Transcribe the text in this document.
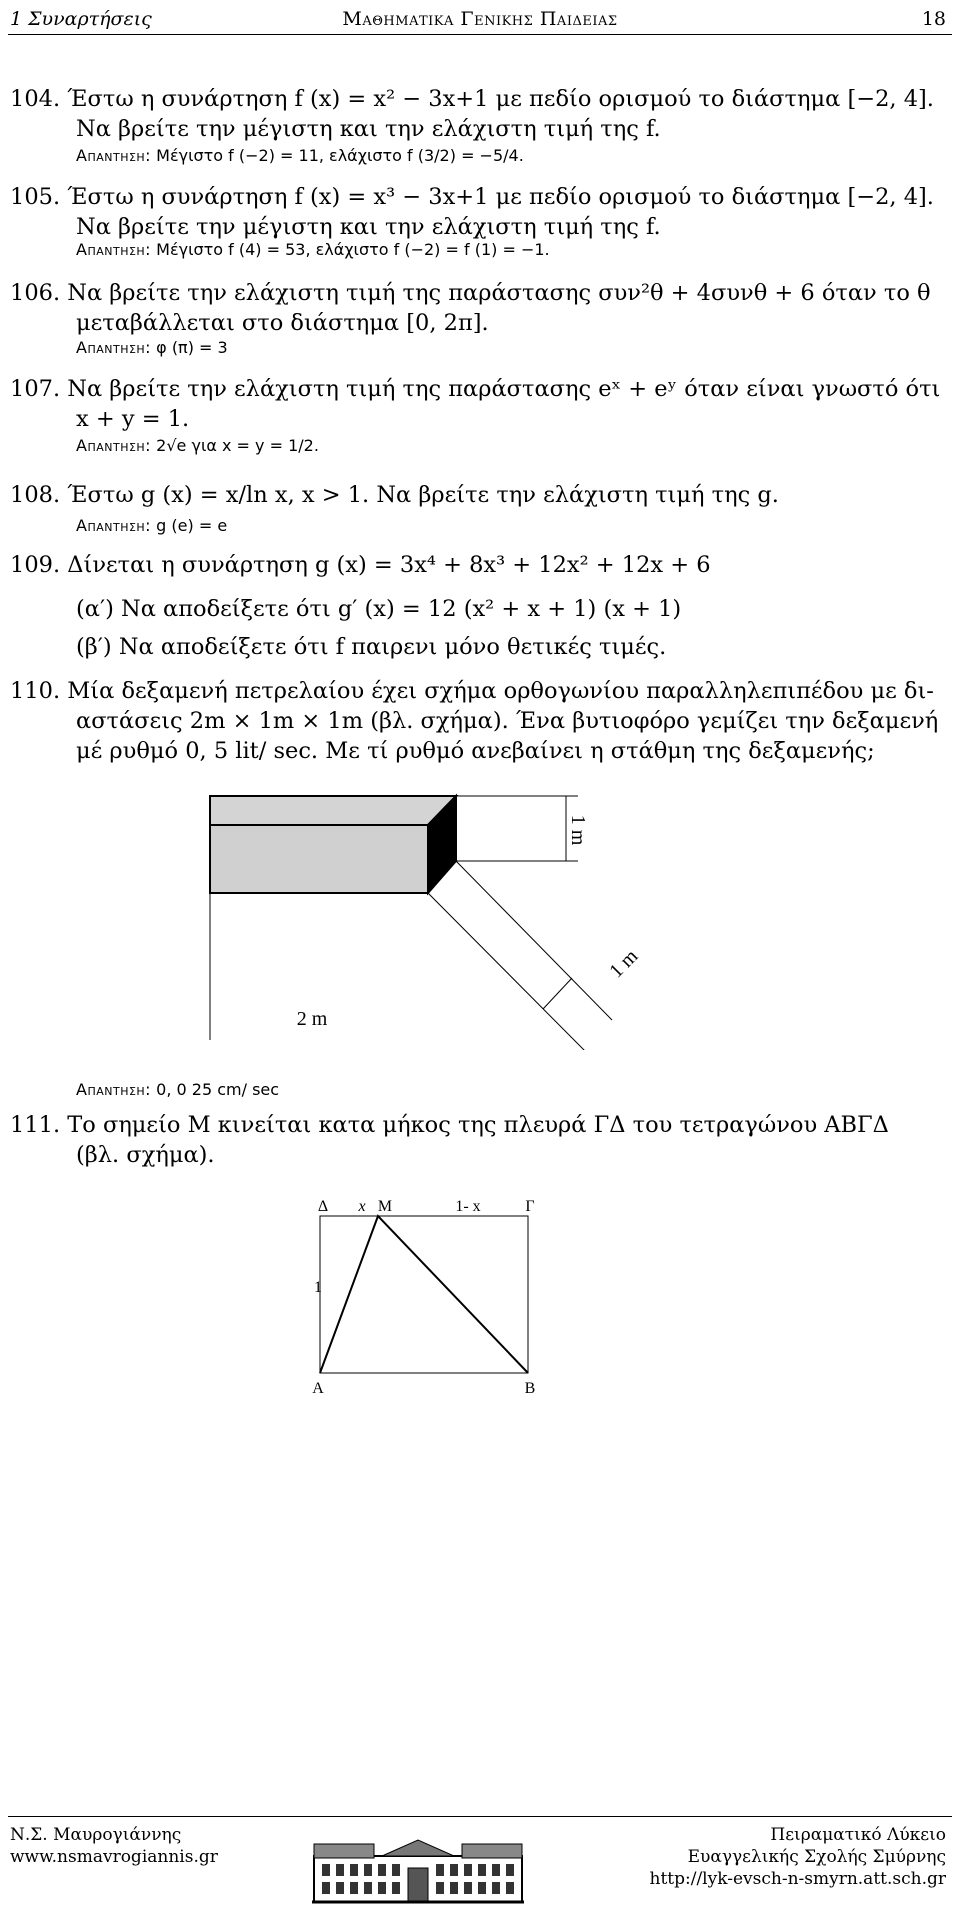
1 Συναρτήσεις	Μαθηματικα Γενικης Παιδειας	18
104. Έστω η συνάρτηση f (x) = x² − 3x+1 με πεδίο ορισμού το διάστημα [−2, 4].
Να βρείτε την μέγιστη και την ελάχιστη τιμή της f.
Απαντηση: Μέγιστο f (−2) = 11, ελάχιστο f (3/2) = −5/4.
105. Έστω η συνάρτηση f (x) = x³ − 3x+1 με πεδίο ορισμού το διάστημα [−2, 4].
Να βρείτε την μέγιστη και την ελάχιστη τιμή της f.
Απαντηση: Μέγιστο f (4) = 53, ελάχιστο f (−2) = f (1) = −1.
106. Να βρείτε την ελάχιστη τιμή της παράστασης συν²θ + 4συνθ + 6 όταν το θ
μεταβάλλεται στο διάστημα [0, 2π].
Απαντηση: φ (π) = 3
107. Να βρείτε την ελάχιστη τιμή της παράστασης eˣ + eʸ όταν είναι γνωστό ότι
x + y = 1.
Απαντηση: 2√e για x = y = 1/2.
108. Έστω g (x) = x/ln x, x > 1. Να βρείτε την ελάχιστη τιμή της g.
Απαντηση: g (e) = e
109. Δίνεται η συνάρτηση g (x) = 3x⁴ + 8x³ + 12x² + 12x + 6
(α′) Να αποδείξετε ότι g′ (x) = 12 (x² + x + 1) (x + 1)
(β′) Να αποδείξετε ότι f παιρενι μόνο θετικές τιμές.
110. Μία δεξαμενή πετρελαίου έχει σχήμα ορθογωνίου παραλληλεπιπέδου με δι-
αστάσεις 2m × 1m × 1m (βλ. σχήμα). Ένα βυτιοφόρο γεμίζει την δεξαμενή
μέ ρυθμό 0, 5 lit/ sec. Με τί ρυθμό ανεβαίνει η στάθμη της δεξαμενής;
1 m
1 m
2 m
Απαντηση: 0, 0 25 cm/ sec
111. Το σημείο M κινείται κατα μήκος της πλευρά ΓΔ του τετραγώνου ΑΒΓΔ
(βλ. σχήμα).
Δ x M	1- x	Γ
1
A	B
Ν.Σ. Μαυρογιάννης
www.nsmavrogiannis.gr
Πειραματικό Λύκειο
Ευαγγελικής Σχολής Σμύρνης
http://lyk-evsch-n-smyrn.att.sch.gr
